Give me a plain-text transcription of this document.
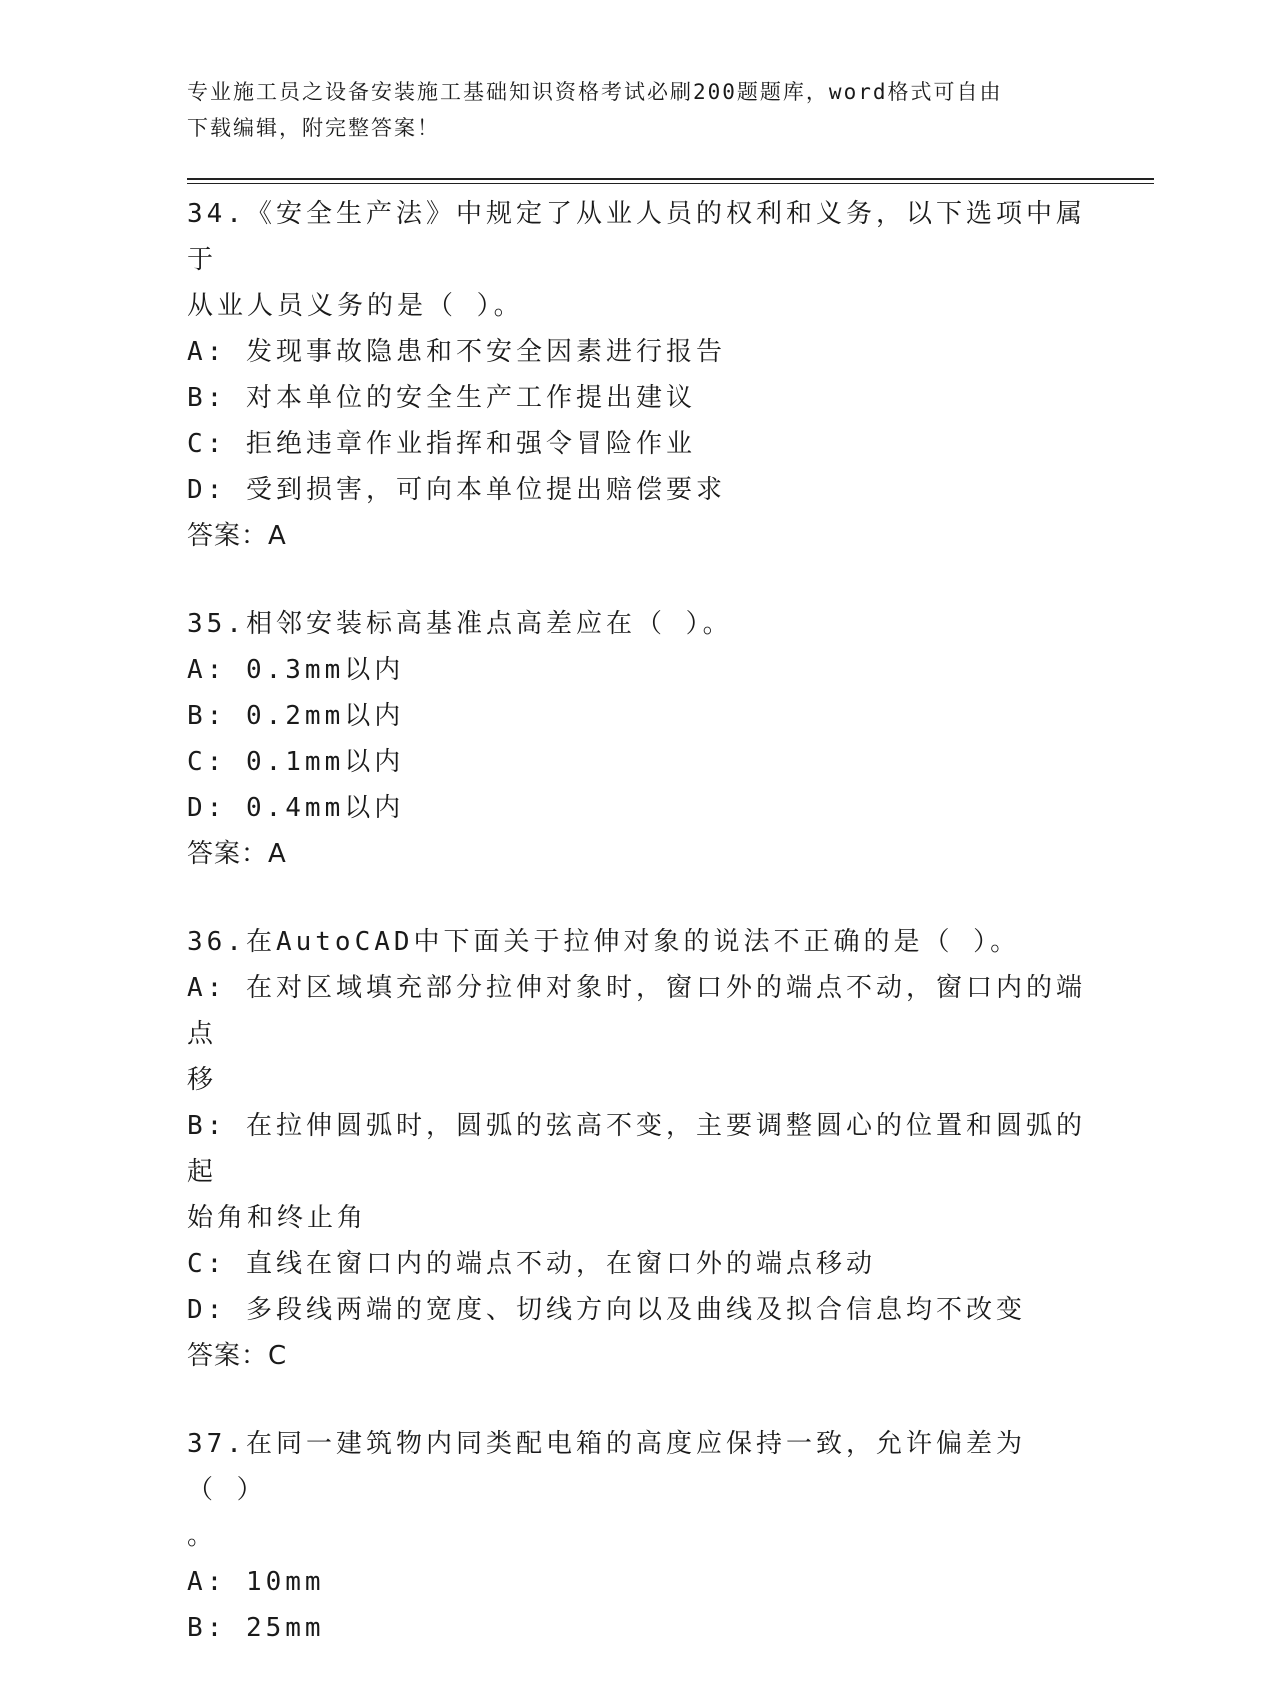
专业施工员之设备安装施工基础知识资格考试必刷200题题库，word格式可自由
下载编辑，附完整答案！
34.《安全生产法》中规定了从业人员的权利和义务，以下选项中属于
从业人员义务的是（ ）。
A: 发现事故隐患和不安全因素进行报告
B: 对本单位的安全生产工作提出建议
C: 拒绝违章作业指挥和强令冒险作业
D: 受到损害，可向本单位提出赔偿要求
答案：A
35.相邻安装标高基准点高差应在（ ）。
A: 0.3mm以内
B: 0.2mm以内
C: 0.1mm以内
D: 0.4mm以内
答案：A
36.在AutoCAD中下面关于拉伸对象的说法不正确的是（ ）。
A: 在对区域填充部分拉伸对象时，窗口外的端点不动，窗口内的端点
移
B: 在拉伸圆弧时，圆弧的弦高不变，主要调整圆心的位置和圆弧的起
始角和终止角
C: 直线在窗口内的端点不动，在窗口外的端点移动
D: 多段线两端的宽度、切线方向以及曲线及拟合信息均不改变
答案：C
37.在同一建筑物内同类配电箱的高度应保持一致，允许偏差为（ ）
。
A: 10mm
B: 25mm
